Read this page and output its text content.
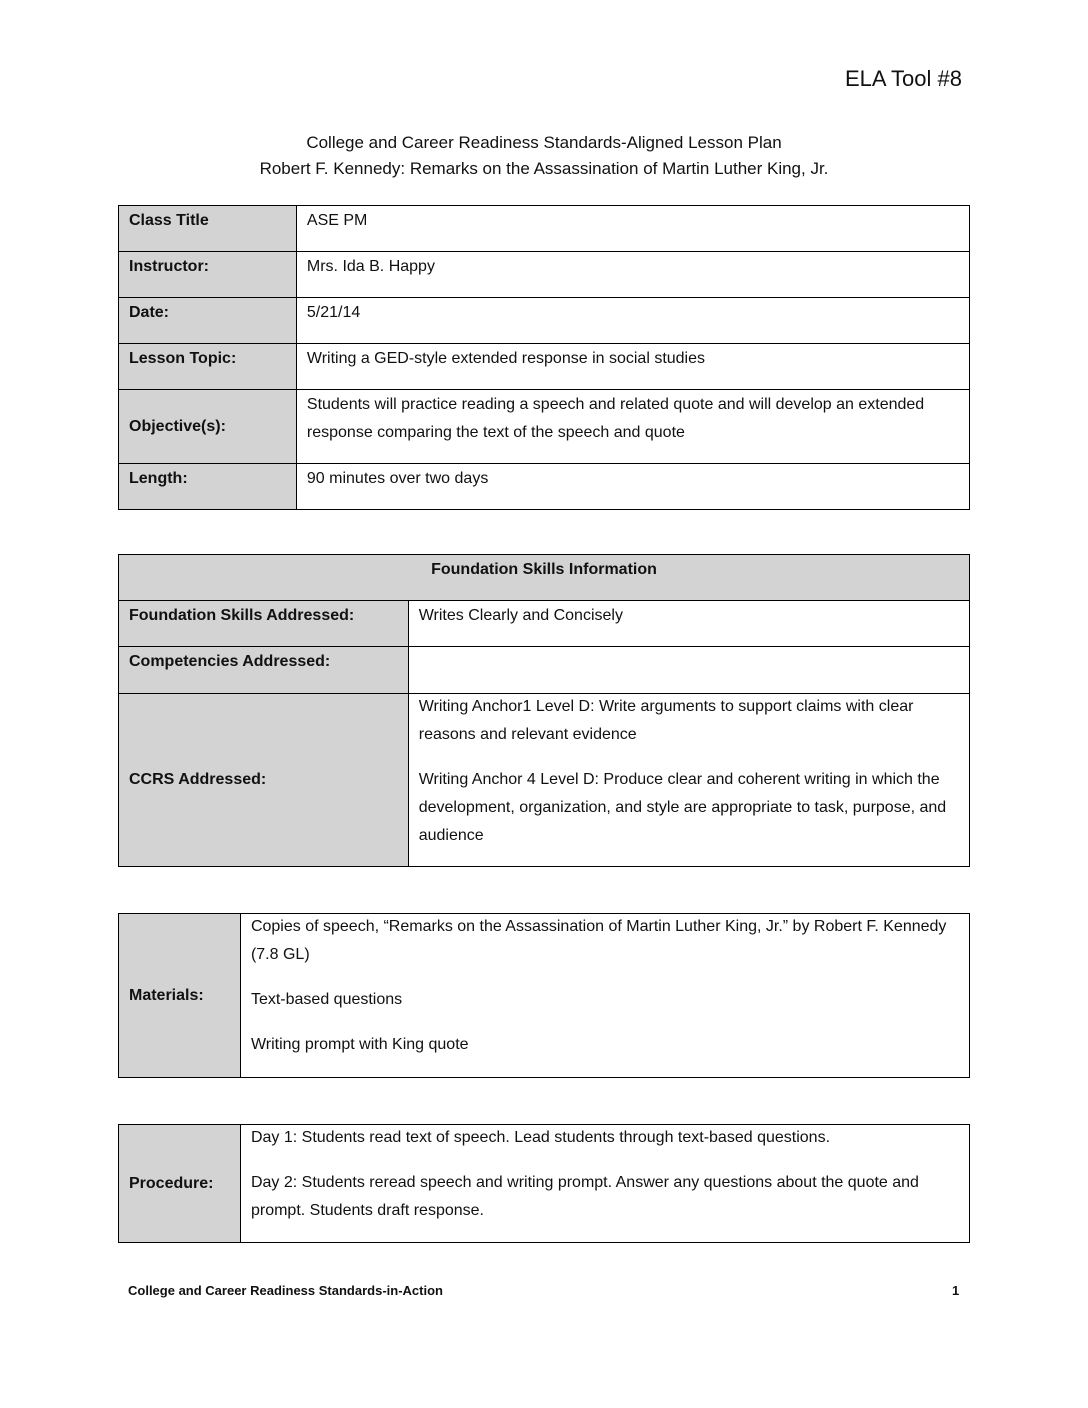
ELA Tool #8
College and Career Readiness Standards-Aligned Lesson Plan
Robert F. Kennedy: Remarks on the Assassination of Martin Luther King, Jr.
Class Title	ASE PM

Instructor:	Mrs. Ida B. Happy

Date:	5/21/14

Lesson Topic:	Writing a GED-style extended response in social studies

Objective(s):	Students will practice reading a speech and related quote and will develop an extended response comparing the text of the speech and quote

Length:	90 minutes over two days
Foundation Skills Information	

Foundation Skills Addressed:	Writes Clearly and Concisely

Competencies Addressed:	

CCRS Addressed:	Writing Anchor1 Level D: Write arguments to support claims with clear reasons and relevant evidence

Writing Anchor 4 Level D: Produce clear and coherent writing in which the development, organization, and style are appropriate to task, purpose, and audience

Materials:

Copies of speech, “Remarks on the Assassination of Martin Luther King, Jr.” by Robert F. Kennedy (7.8 GL)

Text-based questions

Writing prompt with King quote

Procedure:

Day 1: Students read text of speech. Lead students through text-based questions.

Day 2: Students reread speech and writing prompt. Answer any questions about the quote and prompt. Students draft response.

College and Career Readiness Standards-in-Action	1
